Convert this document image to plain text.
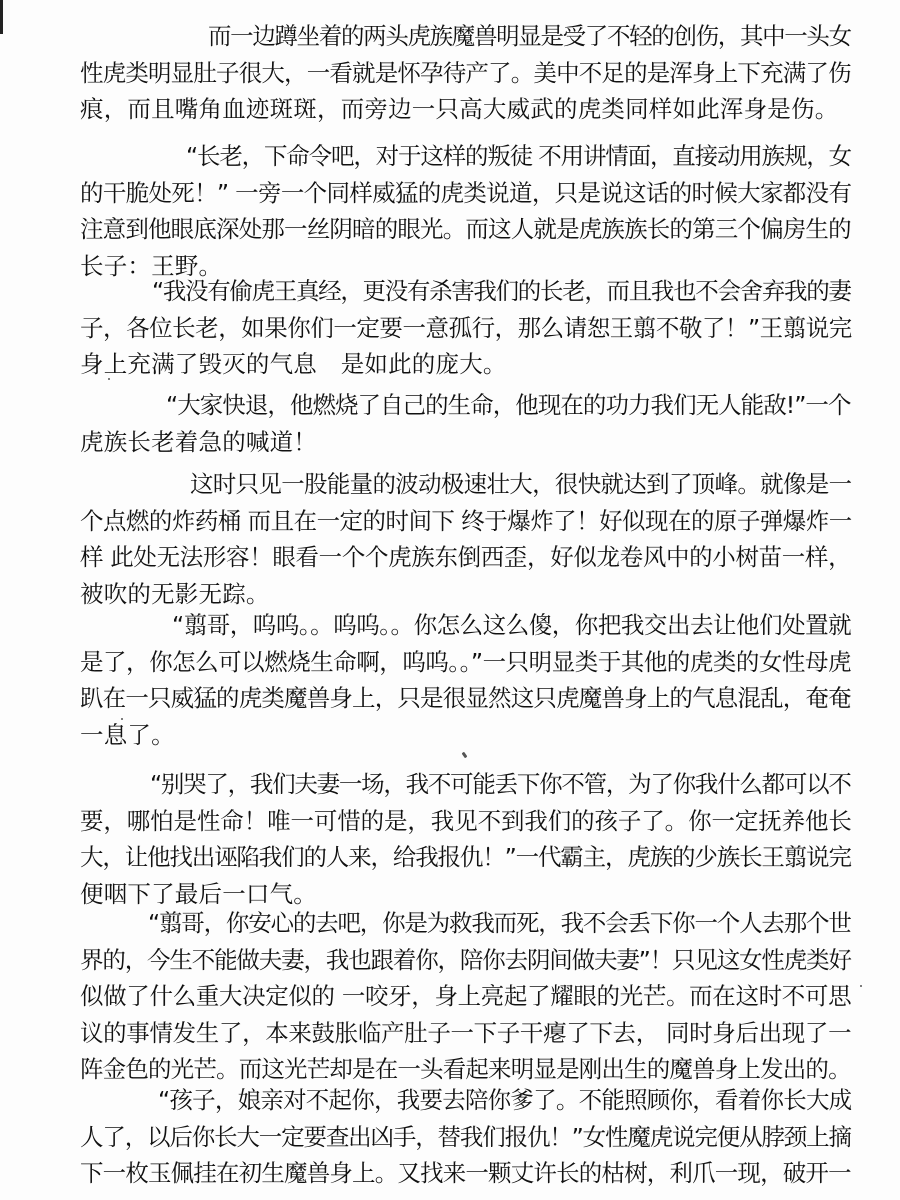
而一边蹲坐着的两头虎族魔兽明显是受了不轻的创伤，其中一头女
性虎类明显肚子很大，一看就是怀孕待产了。美中不足的是浑身上下充满了伤
痕，而且嘴角血迹斑斑，而旁边一只高大威武的虎类同样如此浑身是伤。
“长老，下命令吧，对于这样的叛徒 不用讲情面，直接动用族规，女
的干脆处死！” 一旁一个同样威猛的虎类说道，只是说这话的时候大家都没有
注意到他眼底深处那一丝阴暗的眼光。而这人就是虎族族长的第三个偏房生的
长子：王野。
“我没有偷虎王真经，更没有杀害我们的长老，而且我也不会舍弃我的妻
子，各位长老，如果你们一定要一意孤行，那么请恕王翦不敬了！”王翦说完
身上充满了毁灭的气息　是如此的庞大。
“大家快退，他燃烧了自己的生命，他现在的功力我们无人能敌!”一个
虎族长老着急的喊道！
这时只见一股能量的波动极速壮大，很快就达到了顶峰。就像是一
个点燃的炸药桶 而且在一定的时间下 终于爆炸了！好似现在的原子弹爆炸一
样 此处无法形容！眼看一个个虎族东倒西歪，好似龙卷风中的小树苗一样，
被吹的无影无踪。
“翦哥，呜呜。。呜呜。。你怎么这么傻，你把我交出去让他们处置就
是了，你怎么可以燃烧生命啊，呜呜。。”一只明显类于其他的虎类的女性母虎
趴在一只威猛的虎类魔兽身上，只是很显然这只虎魔兽身上的气息混乱，奄奄
一息了。
“别哭了，我们夫妻一场，我不可能丢下你不管，为了你我什么都可以不
要，哪怕是性命！唯一可惜的是，我见不到我们的孩子了。你一定抚养他长
大，让他找出诬陷我们的人来，给我报仇！”一代霸主，虎族的少族长王翦说完
便咽下了最后一口气。
“翦哥，你安心的去吧，你是为救我而死，我不会丢下你一个人去那个世
界的，今生不能做夫妻，我也跟着你，陪你去阴间做夫妻”！只见这女性虎类好
似做了什么重大决定似的 一咬牙，身上亮起了耀眼的光芒。而在这时不可思
议的事情发生了，本来鼓胀临产肚子一下子干瘪了下去， 同时身后出现了一
阵金色的光芒。而这光芒却是在一头看起来明显是刚出生的魔兽身上发出的。
“孩子，娘亲对不起你，我要去陪你爹了。不能照顾你，看着你长大成
人了，以后你长大一定要查出凶手，替我们报仇！”女性魔虎说完便从脖颈上摘
下一枚玉佩挂在初生魔兽身上。又找来一颗丈许长的枯树，利爪一现，破开一
